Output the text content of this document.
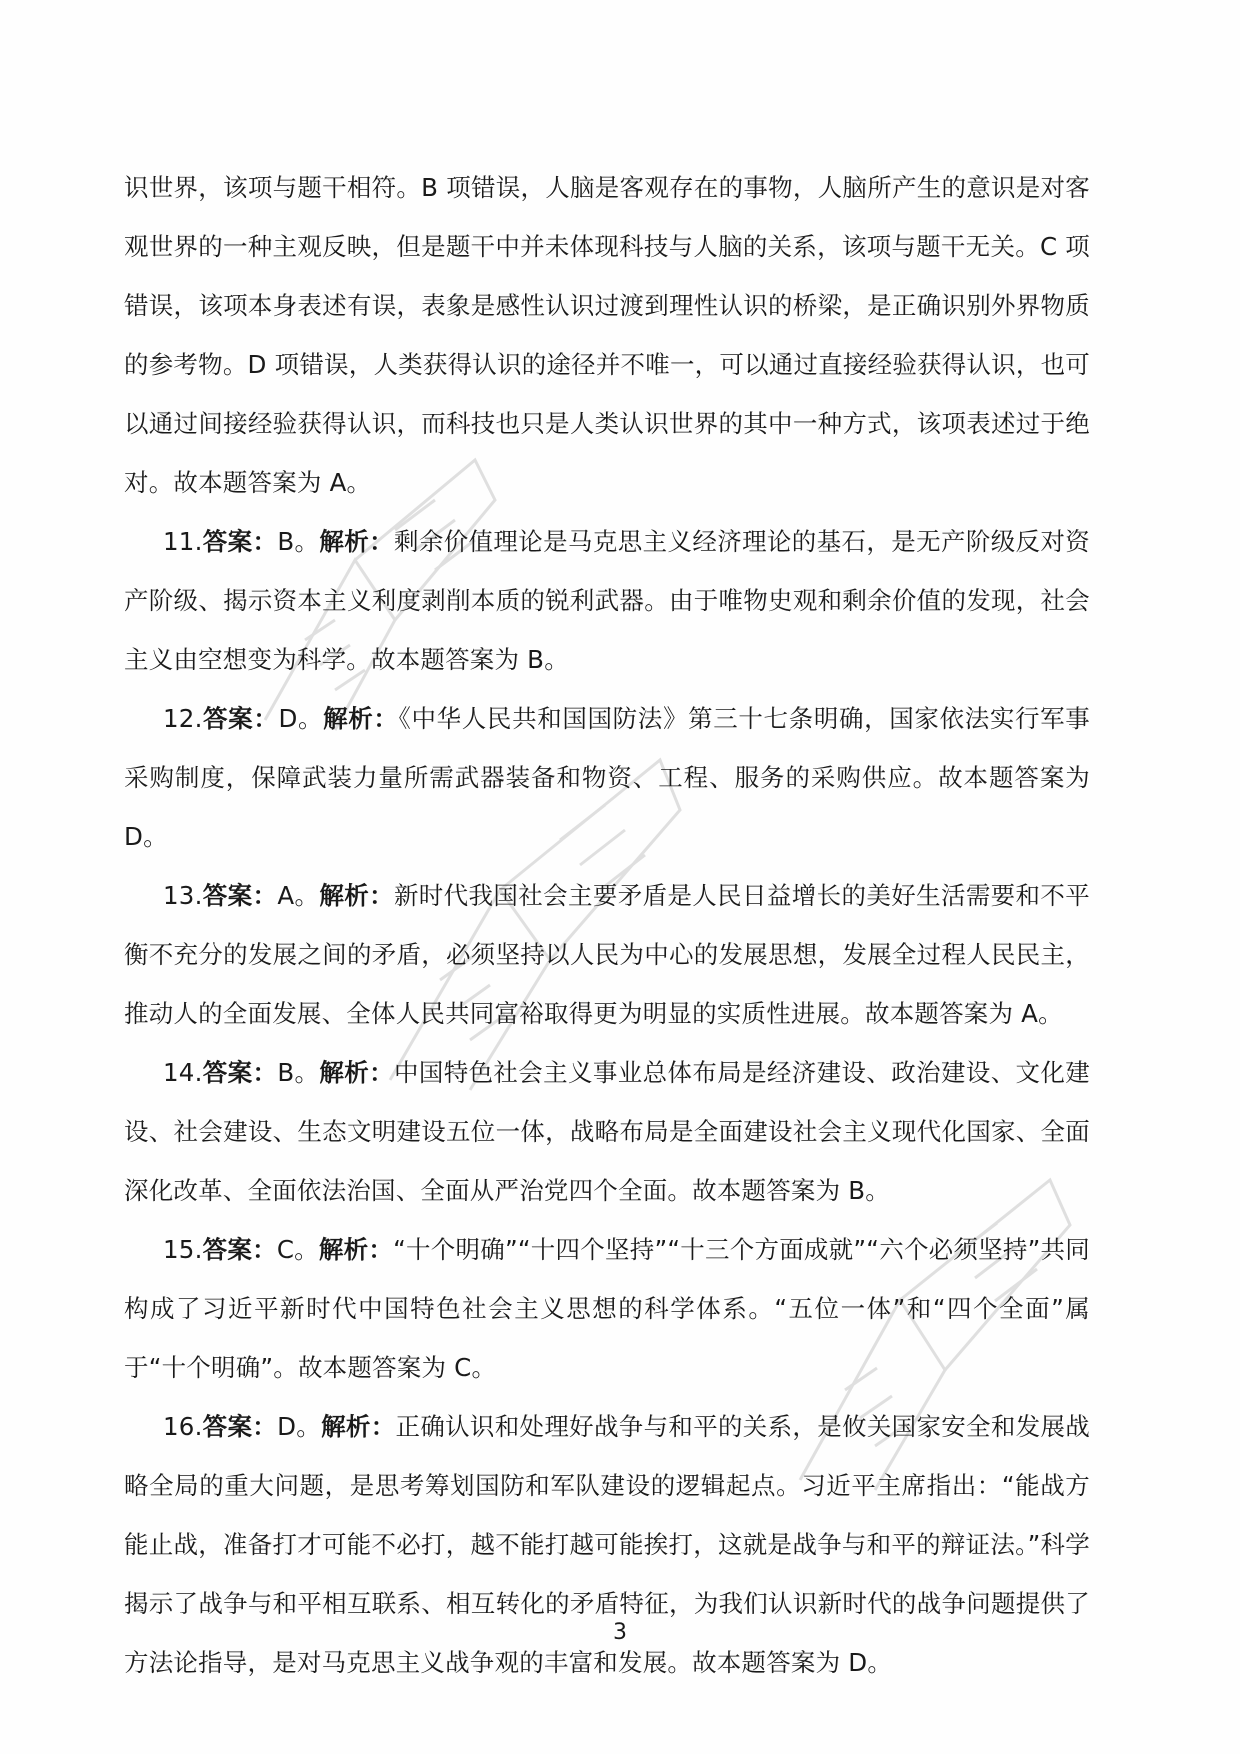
识世界，该项与题干相符。B 项错误，人脑是客观存在的事物，人脑所产生的意识是对客观世界的一种主观反映，但是题干中并未体现科技与人脑的关系，该项与题干无关。C 项错误，该项本身表述有误，表象是感性认识过渡到理性认识的桥梁，是正确识别外界物质的参考物。D 项错误，人类获得认识的途径并不唯一，可以通过直接经验获得认识，也可以通过间接经验获得认识，而科技也只是人类认识世界的其中一种方式，该项表述过于绝对。故本题答案为 A。

11.答案：B。解析：剩余价值理论是马克思主义经济理论的基石，是无产阶级反对资产阶级、揭示资本主义利度剥削本质的锐利武器。由于唯物史观和剩余价值的发现，社会主义由空想变为科学。故本题答案为 B。

12.答案：D。解析：《中华人民共和国国防法》第三十七条明确，国家依法实行军事采购制度，保障武装力量所需武器装备和物资、工程、服务的采购供应。故本题答案为 D。

13.答案：A。解析：新时代我国社会主要矛盾是人民日益增长的美好生活需要和不平衡不充分的发展之间的矛盾，必须坚持以人民为中心的发展思想，发展全过程人民民主，推动人的全面发展、全体人民共同富裕取得更为明显的实质性进展。故本题答案为 A。

14.答案：B。解析：中国特色社会主义事业总体布局是经济建设、政治建设、文化建设、社会建设、生态文明建设五位一体，战略布局是全面建设社会主义现代化国家、全面深化改革、全面依法治国、全面从严治党四个全面。故本题答案为 B。

15.答案：C。解析：“十个明确”“十四个坚持”“十三个方面成就”“六个必须坚持”共同构成了习近平新时代中国特色社会主义思想的科学体系。“五位一体”和“四个全面”属于“十个明确”。故本题答案为 C。

16.答案：D。解析：正确认识和处理好战争与和平的关系，是攸关国家安全和发展战略全局的重大问题，是思考筹划国防和军队建设的逻辑起点。习近平主席指出：“能战方能止战，准备打才可能不必打，越不能打越可能挨打，这就是战争与和平的辩证法。”科学揭示了战争与和平相互联系、相互转化的矛盾特征，为我们认识新时代的战争问题提供了方法论指导，是对马克思主义战争观的丰富和发展。故本题答案为 D。

3
